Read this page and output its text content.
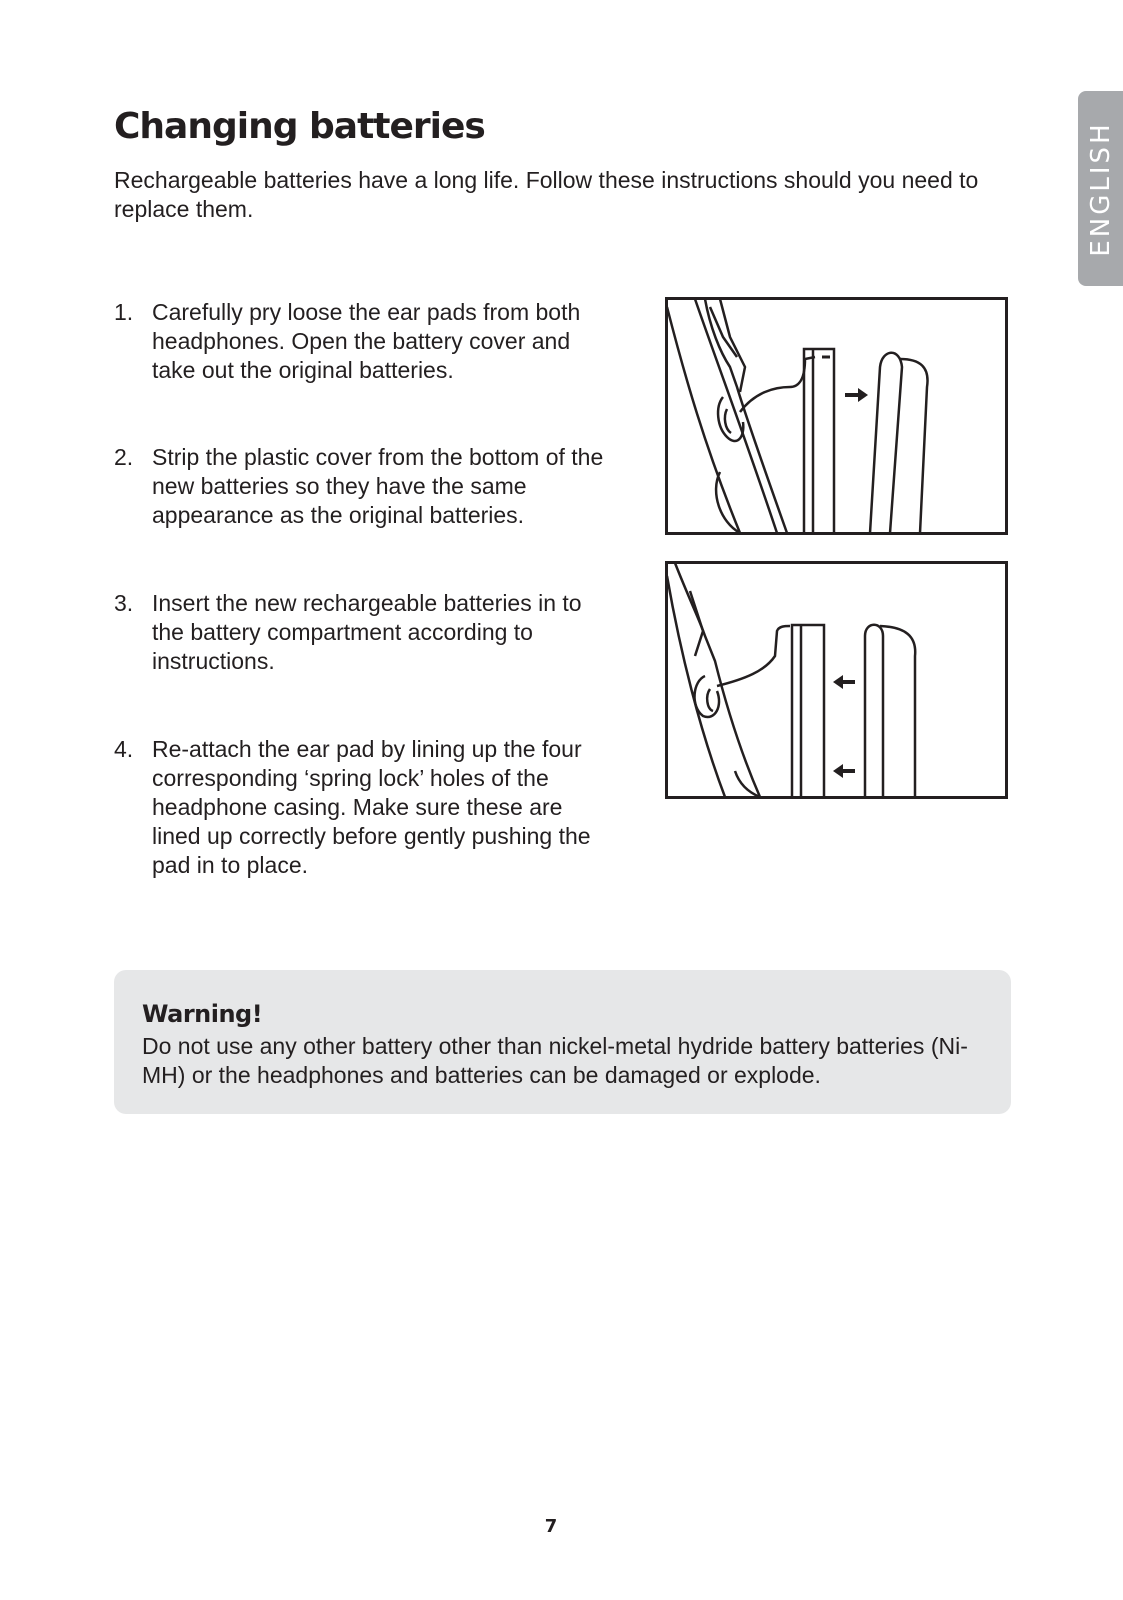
ENGLISH
Changing batteries

Rechargeable batteries have a long life. Follow these instructions should you need to replace them.

1. Carefully pry loose the ear pads from both headphones. Open the battery cover and take out the original batteries.
2. Strip the plastic cover from the bottom of the new batteries so they have the same appearance as the original batteries.
3. Insert the new rechargeable batteries in to the battery compartment according to instructions.
4. Re-attach the ear pad by lining up the four corresponding ‘spring lock’ holes of the headphone casing. Make sure these are lined up correctly before gently pushing the pad in to place.
Warning!

Do not use any other battery other than nickel-metal hydride battery batteries (Ni-MH) or the headphones and batteries can be damaged or explode.

7
